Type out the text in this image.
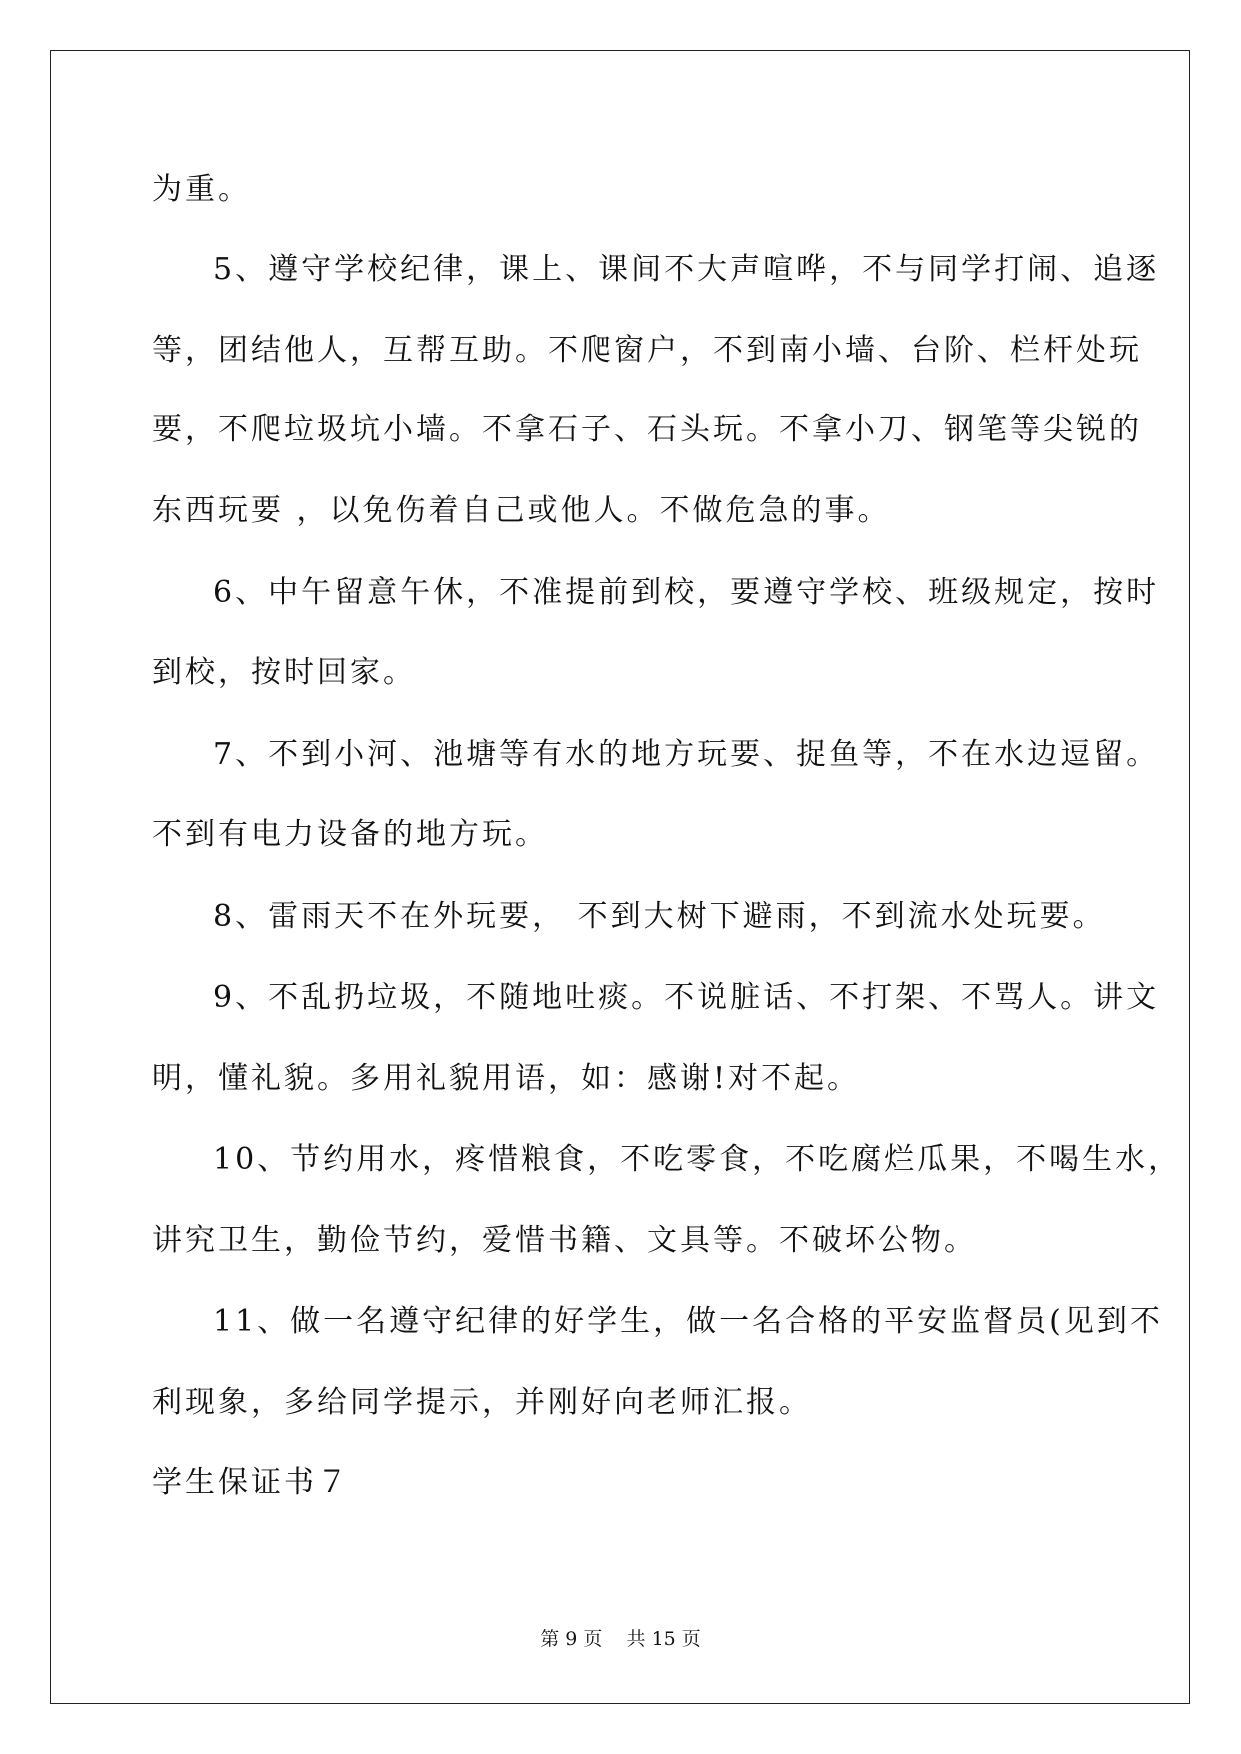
为重。
5、遵守学校纪律，课上、课间不大声喧哗，不与同学打闹、追逐
等，团结他人，互帮互助。不爬窗户，不到南小墙、台阶、栏杆处玩
要，不爬垃圾坑小墙。不拿石子、石头玩。不拿小刀、钢笔等尖锐的
东西玩要 ，以免伤着自己或他人。不做危急的事。
6、中午留意午休，不准提前到校，要遵守学校、班级规定，按时
到校，按时回家。
7、不到小河、池塘等有水的地方玩要、捉鱼等，不在水边逗留。
不到有电力设备的地方玩。
8、雷雨天不在外玩要， 不到大树下避雨，不到流水处玩要。
9、不乱扔垃圾，不随地吐痰。不说脏话、不打架、不骂人。讲文
明，懂礼貌。多用礼貌用语，如：感谢!对不起。
10、节约用水，疼惜粮食，不吃零食，不吃腐烂瓜果，不喝生水，
讲究卫生，勤俭节约，爱惜书籍、文具等。不破坏公物。
11、做一名遵守纪律的好学生，做一名合格的平安监督员(见到不
利现象，多给同学提示，并刚好向老师汇报。
学生保证书７
第 9 页    共 15 页
